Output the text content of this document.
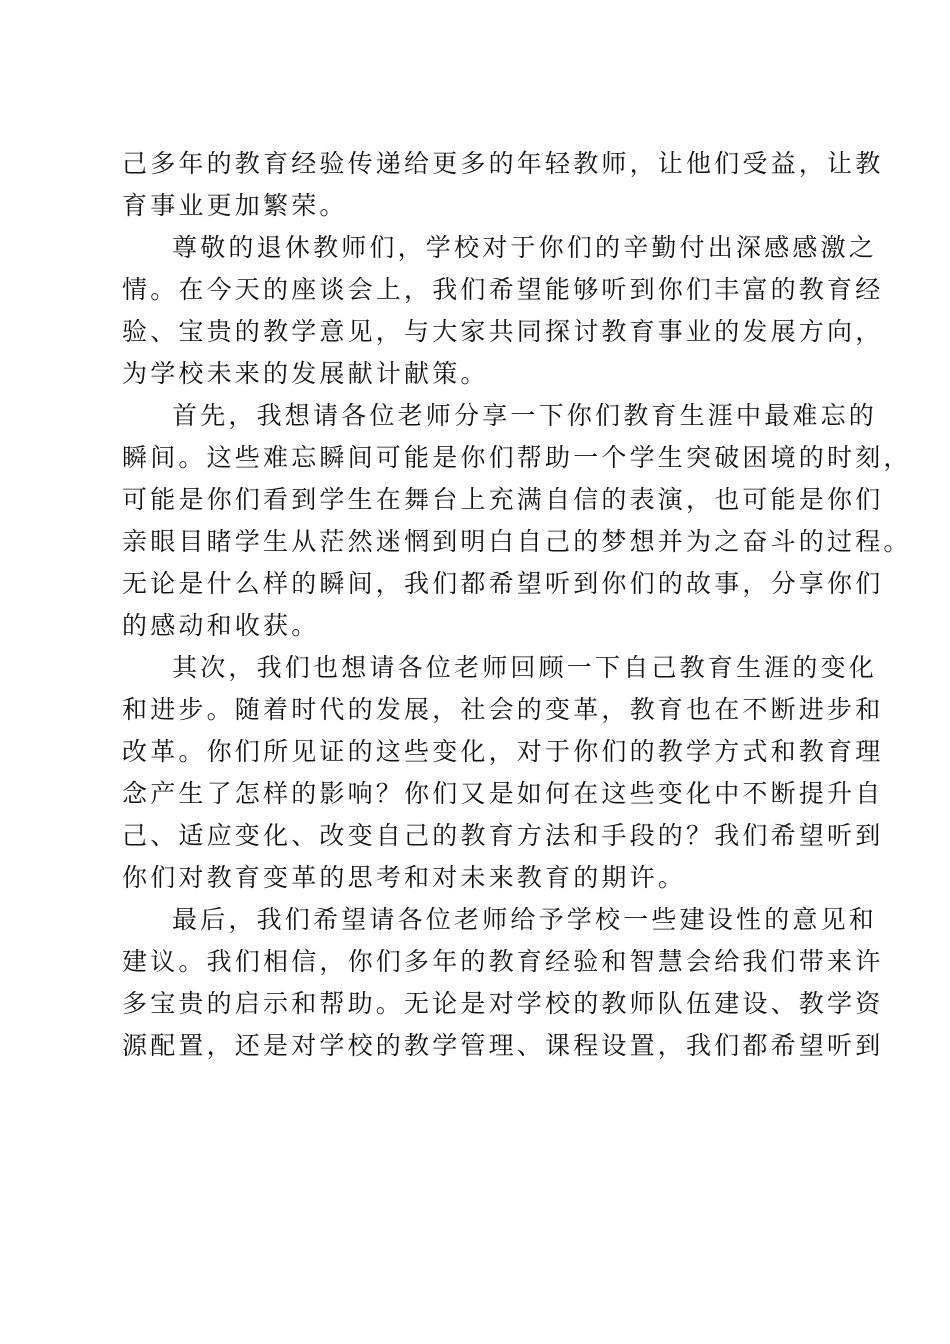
己多年的教育经验传递给更多的年轻教师，让他们受益，让教
育事业更加繁荣。
尊敬的退休教师们，学校对于你们的辛勤付出深感感激之
情。在今天的座谈会上，我们希望能够听到你们丰富的教育经
验、宝贵的教学意见，与大家共同探讨教育事业的发展方向，
为学校未来的发展献计献策。
首先，我想请各位老师分享一下你们教育生涯中最难忘的
瞬间。这些难忘瞬间可能是你们帮助一个学生突破困境的时刻，
可能是你们看到学生在舞台上充满自信的表演，也可能是你们
亲眼目睹学生从茫然迷惘到明白自己的梦想并为之奋斗的过程。
无论是什么样的瞬间，我们都希望听到你们的故事，分享你们
的感动和收获。
其次，我们也想请各位老师回顾一下自己教育生涯的变化
和进步。随着时代的发展，社会的变革，教育也在不断进步和
改革。你们所见证的这些变化，对于你们的教学方式和教育理
念产生了怎样的影响？你们又是如何在这些变化中不断提升自
己、适应变化、改变自己的教育方法和手段的？我们希望听到
你们对教育变革的思考和对未来教育的期许。
最后，我们希望请各位老师给予学校一些建设性的意见和
建议。我们相信，你们多年的教育经验和智慧会给我们带来许
多宝贵的启示和帮助。无论是对学校的教师队伍建设、教学资
源配置，还是对学校的教学管理、课程设置，我们都希望听到
